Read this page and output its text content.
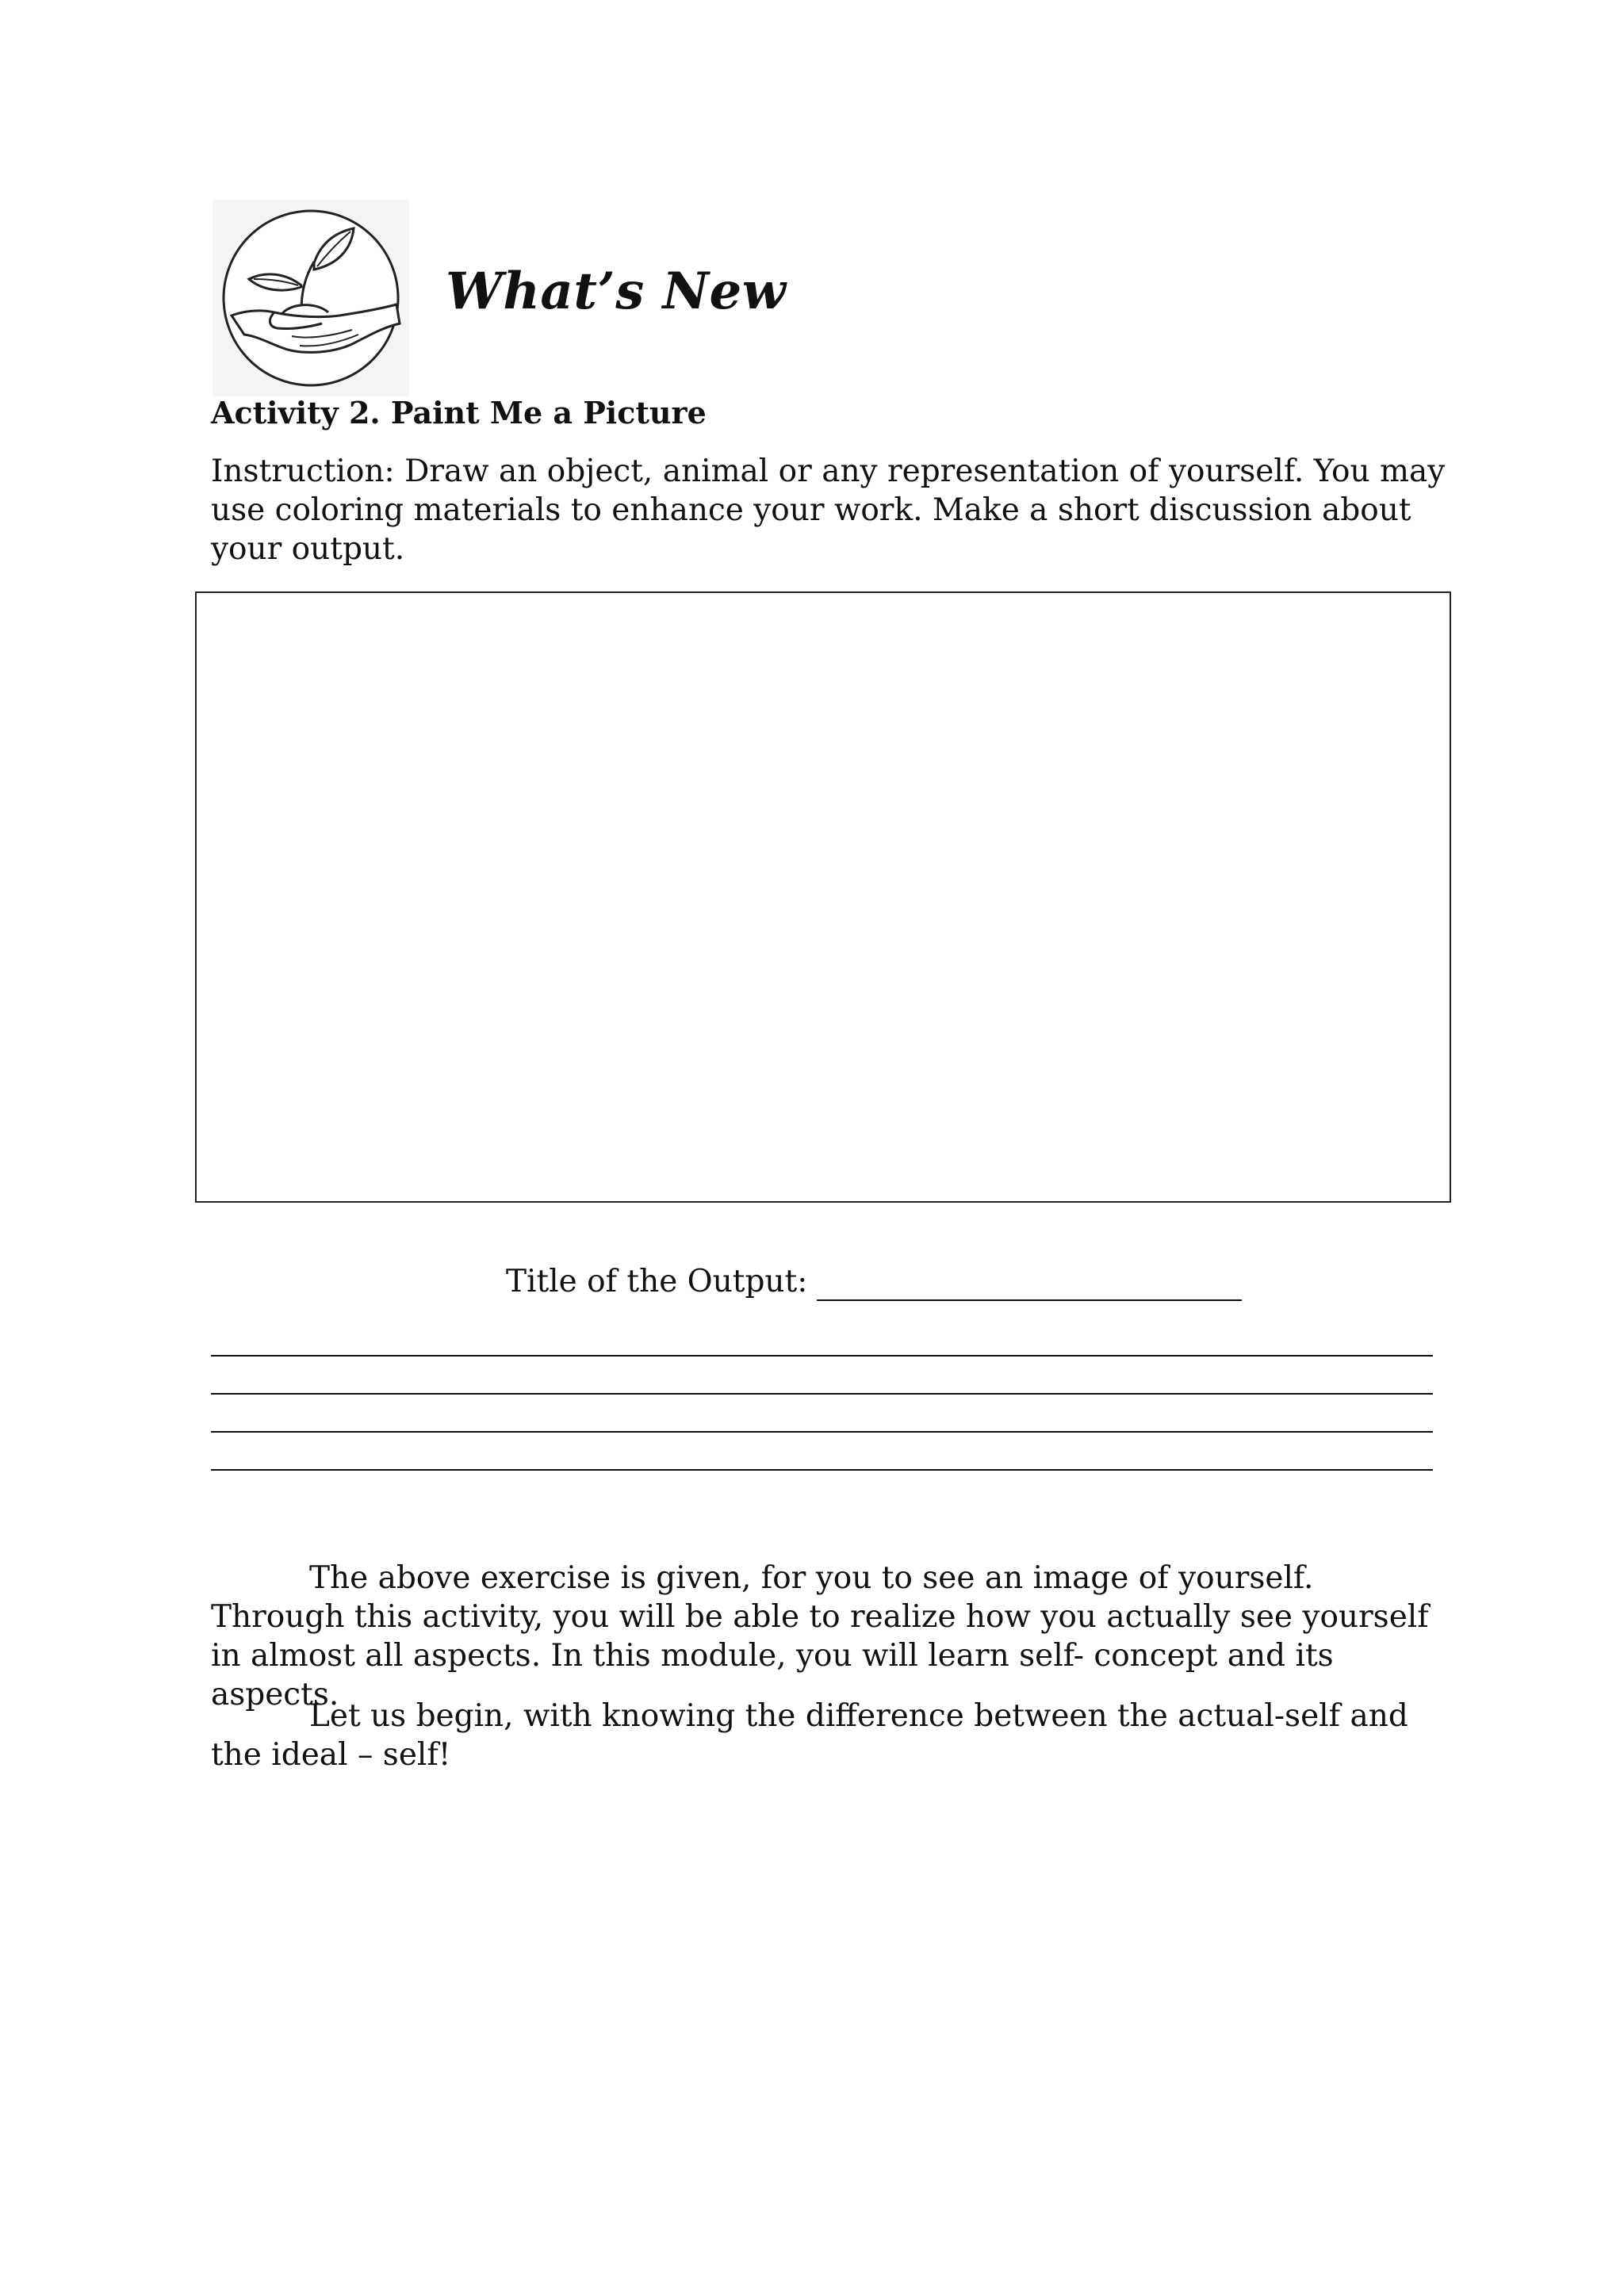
What’s New
Activity 2. Paint Me a Picture

Instruction: Draw an object, animal or any representation of yourself. You may use coloring materials to enhance your work. Make a short discussion about your output.

Title of the Output:

The above exercise is given, for you to see an image of yourself. Through this activity, you will be able to realize how you actually see yourself in almost all aspects. In this module, you will learn self- concept and its aspects.

Let us begin, with knowing the difference between the actual-self and the ideal – self!
